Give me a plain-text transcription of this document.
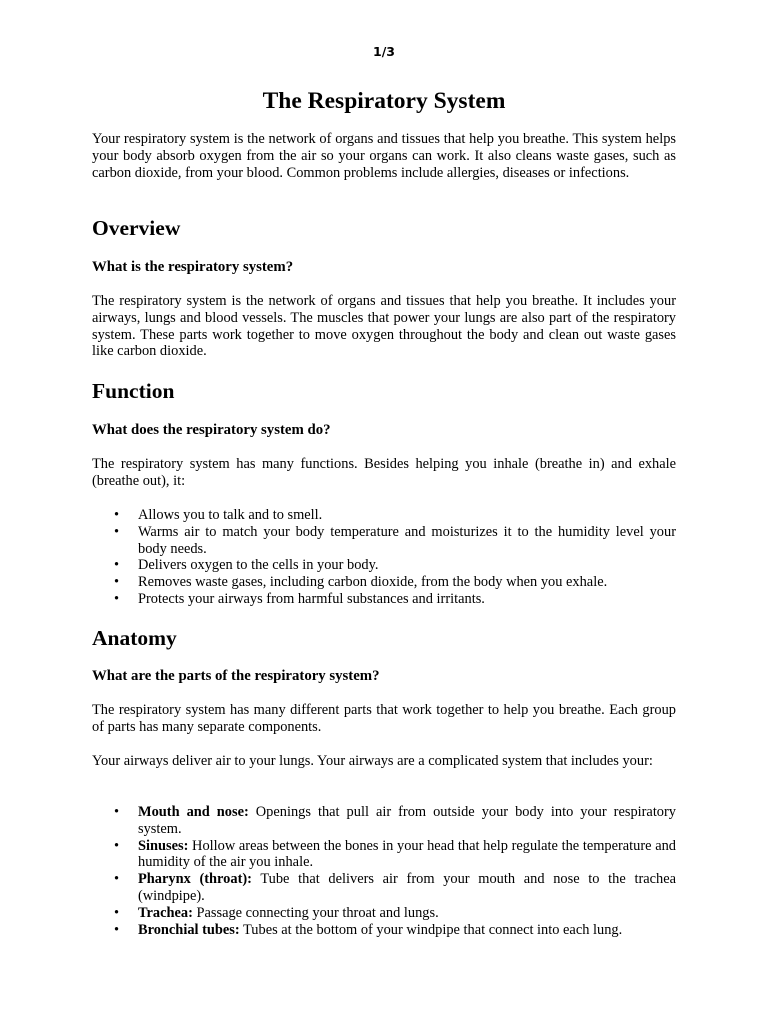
1/3
The Respiratory System

Your respiratory system is the network of organs and tissues that help you breathe. This system helps your body absorb oxygen from the air so your organs can work. It also cleans waste gases, such as carbon dioxide, from your blood. Common problems include allergies, diseases or infections.

Overview
What is the respiratory system?

The respiratory system is the network of organs and tissues that help you breathe. It includes your airways, lungs and blood vessels. The muscles that power your lungs are also part of the respiratory system. These parts work together to move oxygen throughout the body and clean out waste gases like carbon dioxide.

Function
What does the respiratory system do?

The respiratory system has many functions. Besides helping you inhale (breathe in) and exhale (breathe out), it:

• Allows you to talk and to smell.
• Warms air to match your body temperature and moisturizes it to the humidity level your body needs.
• Delivers oxygen to the cells in your body.
• Removes waste gases, including carbon dioxide, from the body when you exhale.
• Protects your airways from harmful substances and irritants.
Anatomy
What are the parts of the respiratory system?

The respiratory system has many different parts that work together to help you breathe. Each group of parts has many separate components.

Your airways deliver air to your lungs. Your airways are a complicated system that includes your:

• Mouth and nose: Openings that pull air from outside your body into your respiratory system.
• Sinuses: Hollow areas between the bones in your head that help regulate the temperature and humidity of the air you inhale.
• Pharynx (throat): Tube that delivers air from your mouth and nose to the trachea (windpipe).
• Trachea: Passage connecting your throat and lungs.
• Bronchial tubes: Tubes at the bottom of your windpipe that connect into each lung.
